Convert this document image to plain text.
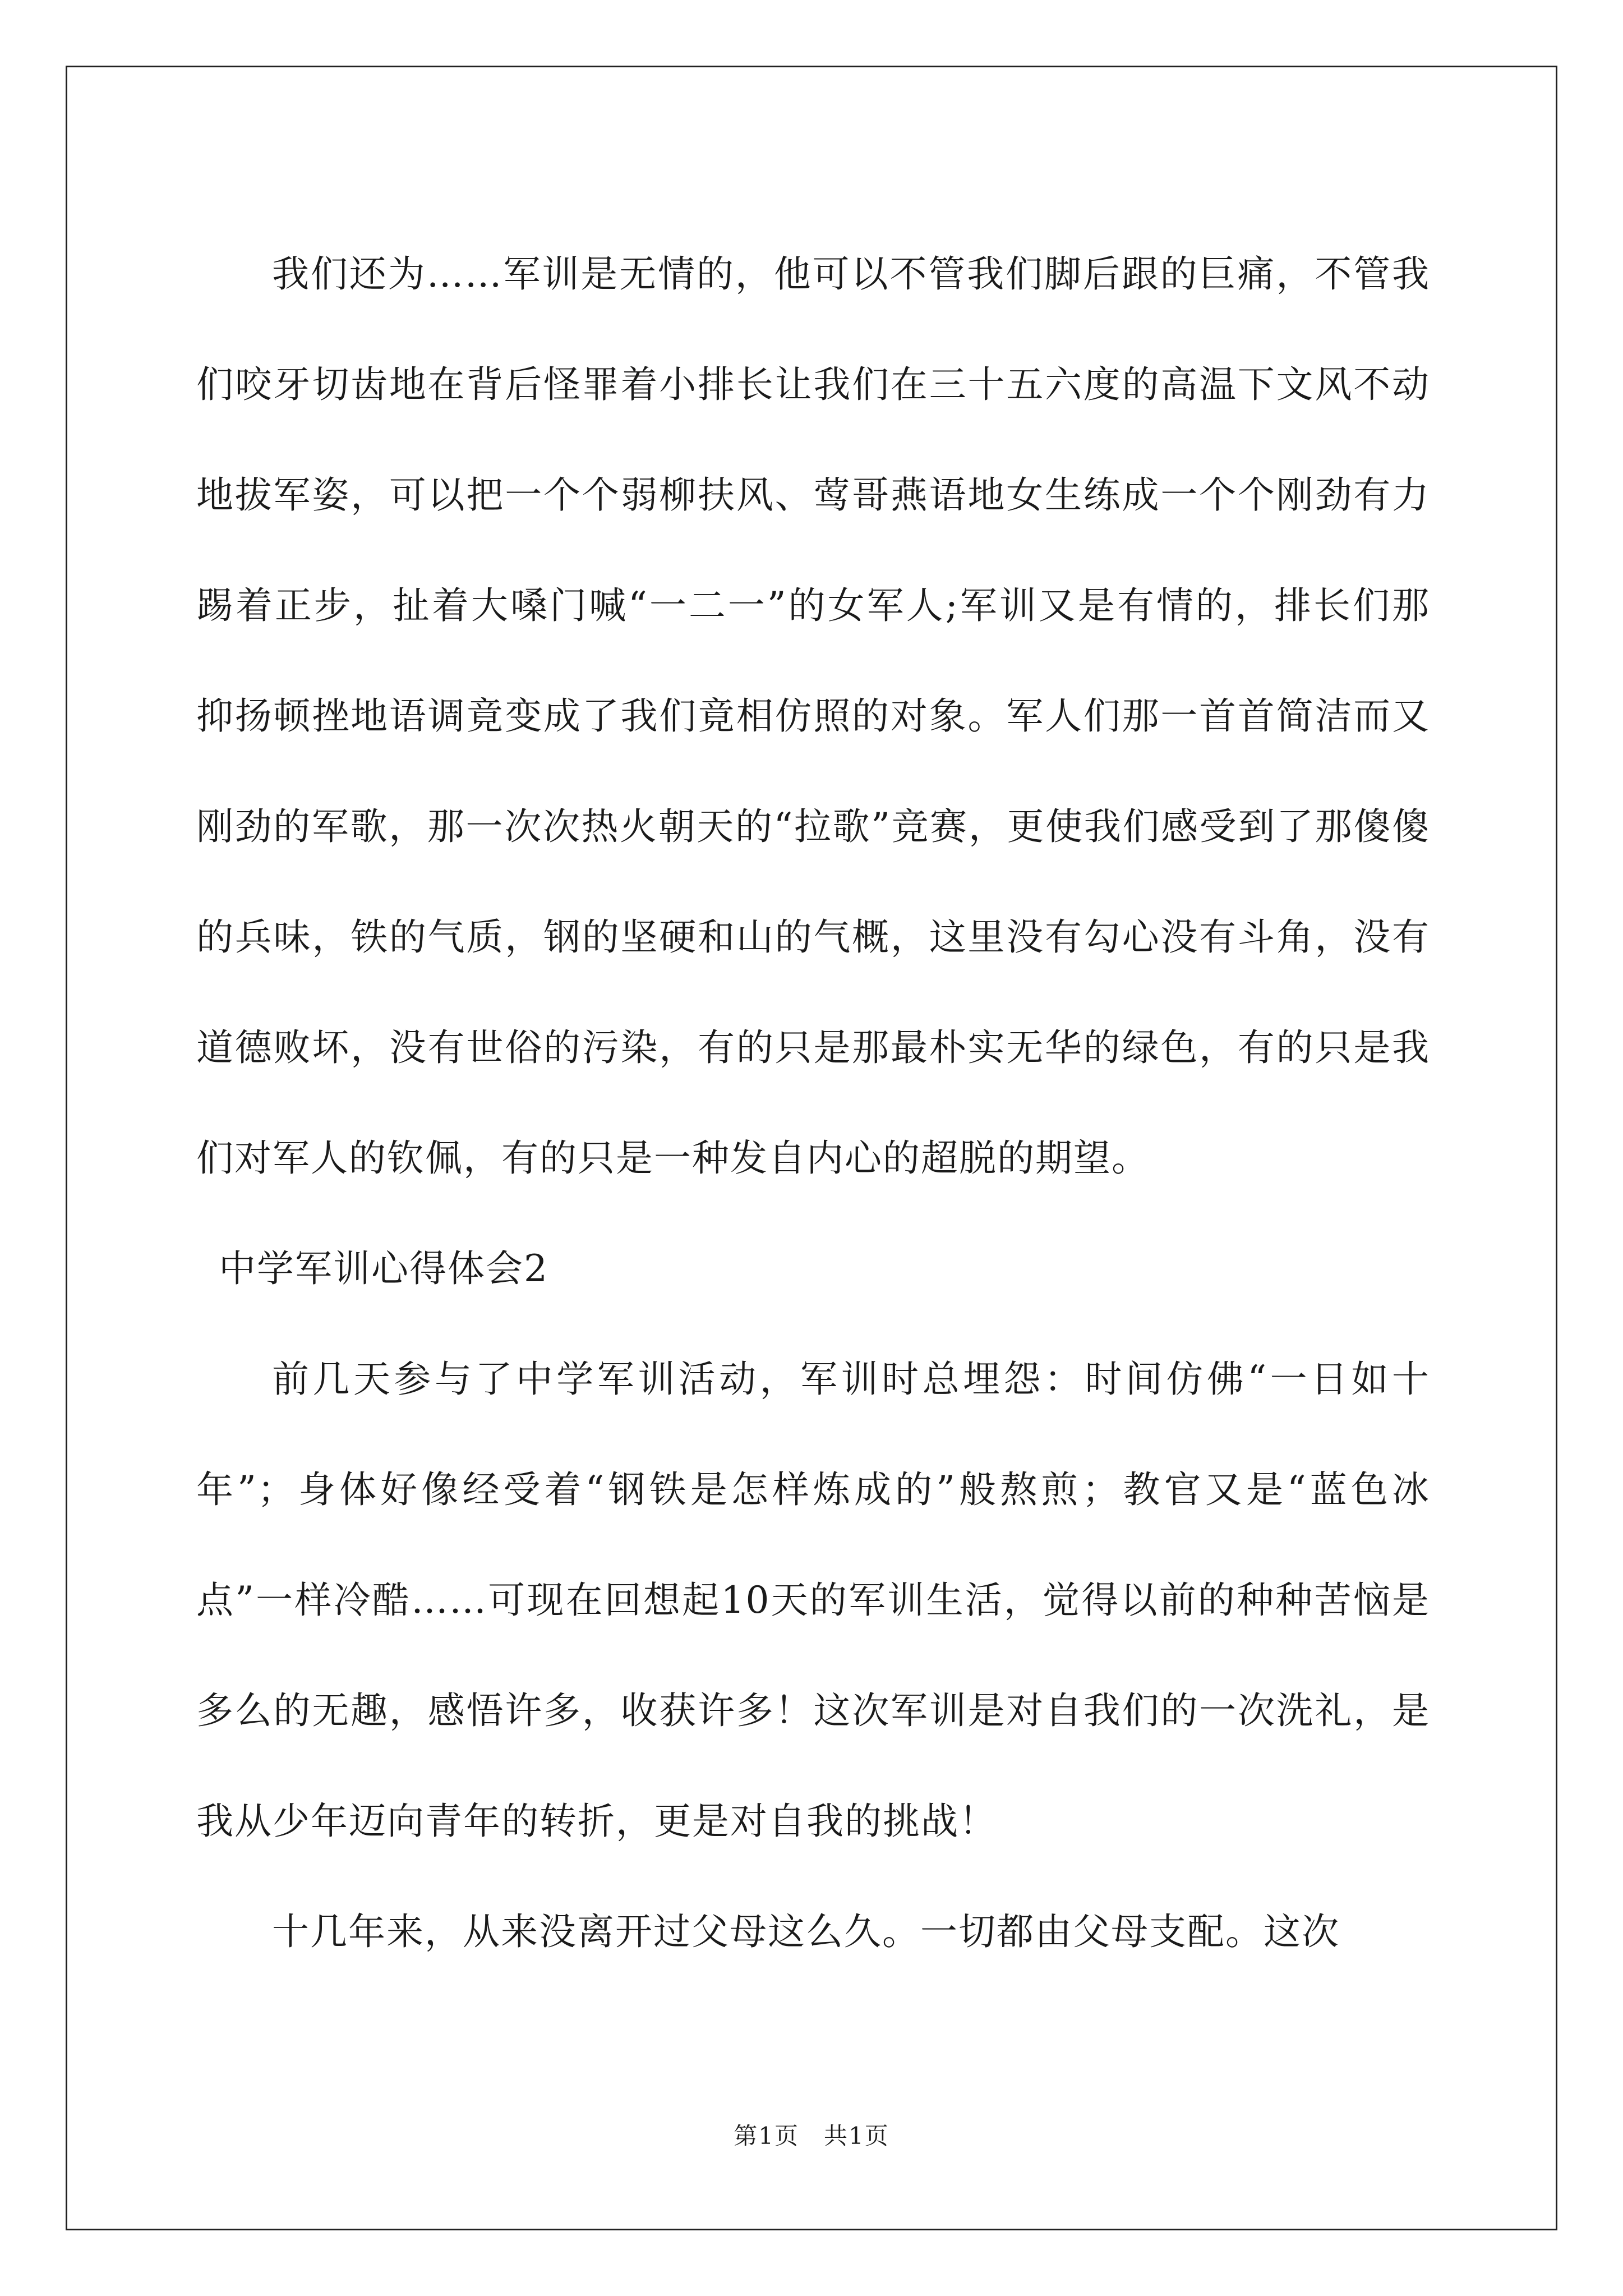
我们还为……军训是无情的，他可以不管我们脚后跟的巨痛，不管我们咬牙切齿地在背后怪罪着小排长让我们在三十五六度的高温下文风不动地拔军姿，可以把一个个弱柳扶风、莺哥燕语地女生练成一个个刚劲有力踢着正步，扯着大嗓门喊“一二一”的女军人;军训又是有情的，排长们那抑扬顿挫地语调竟变成了我们竟相仿照的对象。军人们那一首首简洁而又刚劲的军歌，那一次次热火朝天的“拉歌”竞赛，更使我们感受到了那傻傻的兵味，铁的气质，钢的坚硬和山的气概，这里没有勾心没有斗角，没有道德败坏，没有世俗的污染，有的只是那最朴实无华的绿色，有的只是我们对军人的钦佩，有的只是一种发自内心的超脱的期望。

中学军训心得体会2

前几天参与了中学军训活动，军训时总埋怨：时间仿佛“一日如十年”；身体好像经受着“钢铁是怎样炼成的”般熬煎；教官又是“蓝色冰点”一样冷酷……可现在回想起10天的军训生活，觉得以前的种种苦恼是多么的无趣，感悟许多，收获许多！这次军训是对自我们的一次洗礼，是我从少年迈向青年的转折，更是对自我的挑战！

十几年来，从来没离开过父母这么久。一切都由父母支配。这次

第1页　共1页
